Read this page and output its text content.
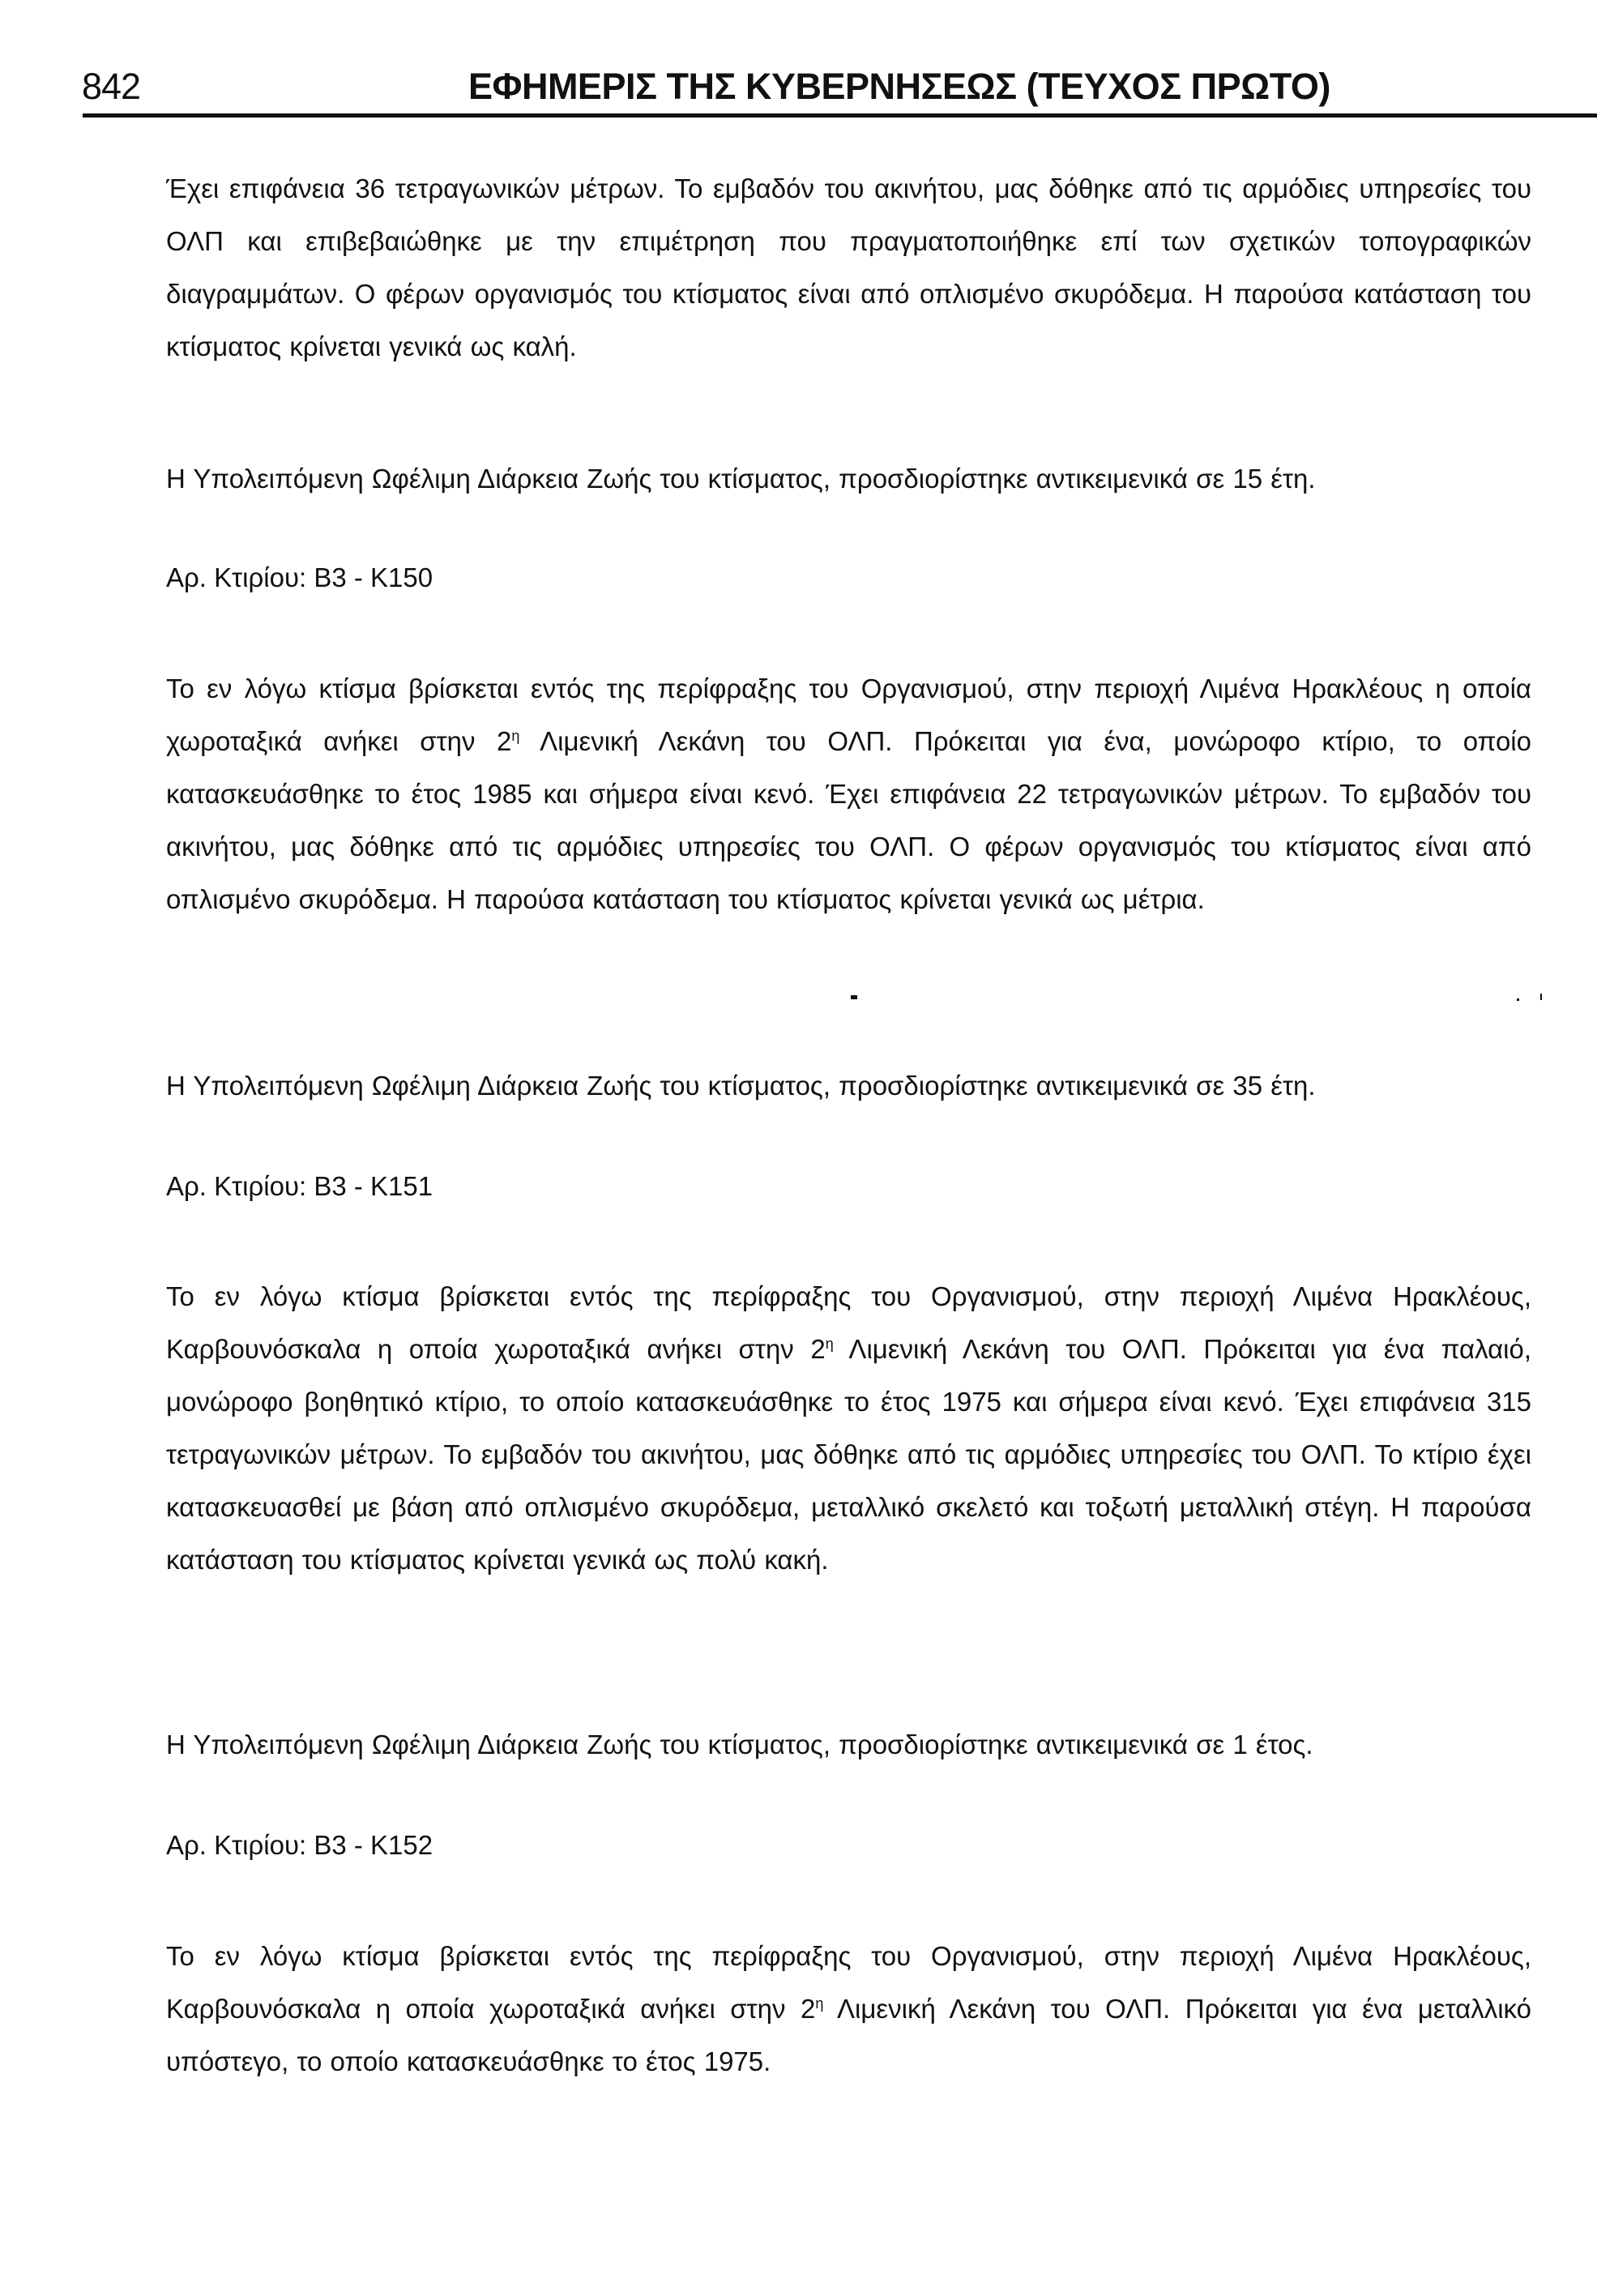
842	ΕΦΗΜΕΡΙΣ ΤΗΣ ΚΥΒΕΡΝΗΣΕΩΣ (ΤΕΥΧΟΣ ΠΡΩΤΟ)
Έχει επιφάνεια 36 τετραγωνικών μέτρων. Το εμβαδόν του ακινήτου, μας δόθηκε από τις αρμόδιες υπηρεσίες του ΟΛΠ και επιβεβαιώθηκε με την επιμέτρηση που πραγματοποιήθηκε επί των σχετικών τοπογραφικών διαγραμμάτων. Ο φέρων οργανισμός του κτίσματος είναι από οπλισμένο σκυρόδεμα. Η παρούσα κατάσταση του κτίσματος κρίνεται γενικά ως καλή.
Η Υπολειπόμενη Ωφέλιμη Διάρκεια Ζωής του κτίσματος, προσδιορίστηκε αντικειμενικά σε 15 έτη.
Αρ. Κτιρίου: B3 - K150
Το εν λόγω κτίσμα βρίσκεται εντός της περίφραξης του Οργανισμού, στην περιοχή Λιμένα Ηρακλέους η οποία χωροταξικά ανήκει στην $2^\eta$ Λιμενική Λεκάνη του ΟΛΠ. Πρόκειται για ένα, μονώροφο κτίριο, το οποίο κατασκευάσθηκε το έτος 1985 και σήμερα είναι κενό. Έχει επιφάνεια 22 τετραγωνικών μέτρων. Το εμβαδόν του ακινήτου, μας δόθηκε από τις αρμόδιες υπηρεσίες του ΟΛΠ. Ο φέρων οργανισμός του κτίσματος είναι από οπλισμένο σκυρόδεμα. Η παρούσα κατάσταση του κτίσματος κρίνεται γενικά ως μέτρια.
Η Υπολειπόμενη Ωφέλιμη Διάρκεια Ζωής του κτίσματος, προσδιορίστηκε αντικειμενικά σε 35 έτη.
Αρ. Κτιρίου: B3 - K151
Το εν λόγω κτίσμα βρίσκεται εντός της περίφραξης του Οργανισμού, στην περιοχή Λιμένα Ηρακλέους, Καρβουνόσκαλα η οποία χωροταξικά ανήκει στην $2^\eta$ Λιμενική Λεκάνη του ΟΛΠ. Πρόκειται για ένα παλαιό, μονώροφο βοηθητικό κτίριο, το οποίο κατασκευάσθηκε το έτος 1975 και σήμερα είναι κενό. Έχει επιφάνεια 315 τετραγωνικών μέτρων. Το εμβαδόν του ακινήτου, μας δόθηκε από τις αρμόδιες υπηρεσίες του ΟΛΠ. Το κτίριο έχει κατασκευασθεί με βάση από οπλισμένο σκυρόδεμα, μεταλλικό σκελετό και τοξωτή μεταλλική στέγη. Η παρούσα κατάσταση του κτίσματος κρίνεται γενικά ως πολύ κακή.
Η Υπολειπόμενη Ωφέλιμη Διάρκεια Ζωής του κτίσματος, προσδιορίστηκε αντικειμενικά σε 1 έτος.
Αρ. Κτιρίου: B3 - K152
Το εν λόγω κτίσμα βρίσκεται εντός της περίφραξης του Οργανισμού, στην περιοχή Λιμένα Ηρακλέους, Καρβουνόσκαλα η οποία χωροταξικά ανήκει στην $2^\eta$ Λιμενική Λεκάνη του ΟΛΠ. Πρόκειται για ένα μεταλλικό υπόστεγο, το οποίο κατασκευάσθηκε το έτος 1975.
